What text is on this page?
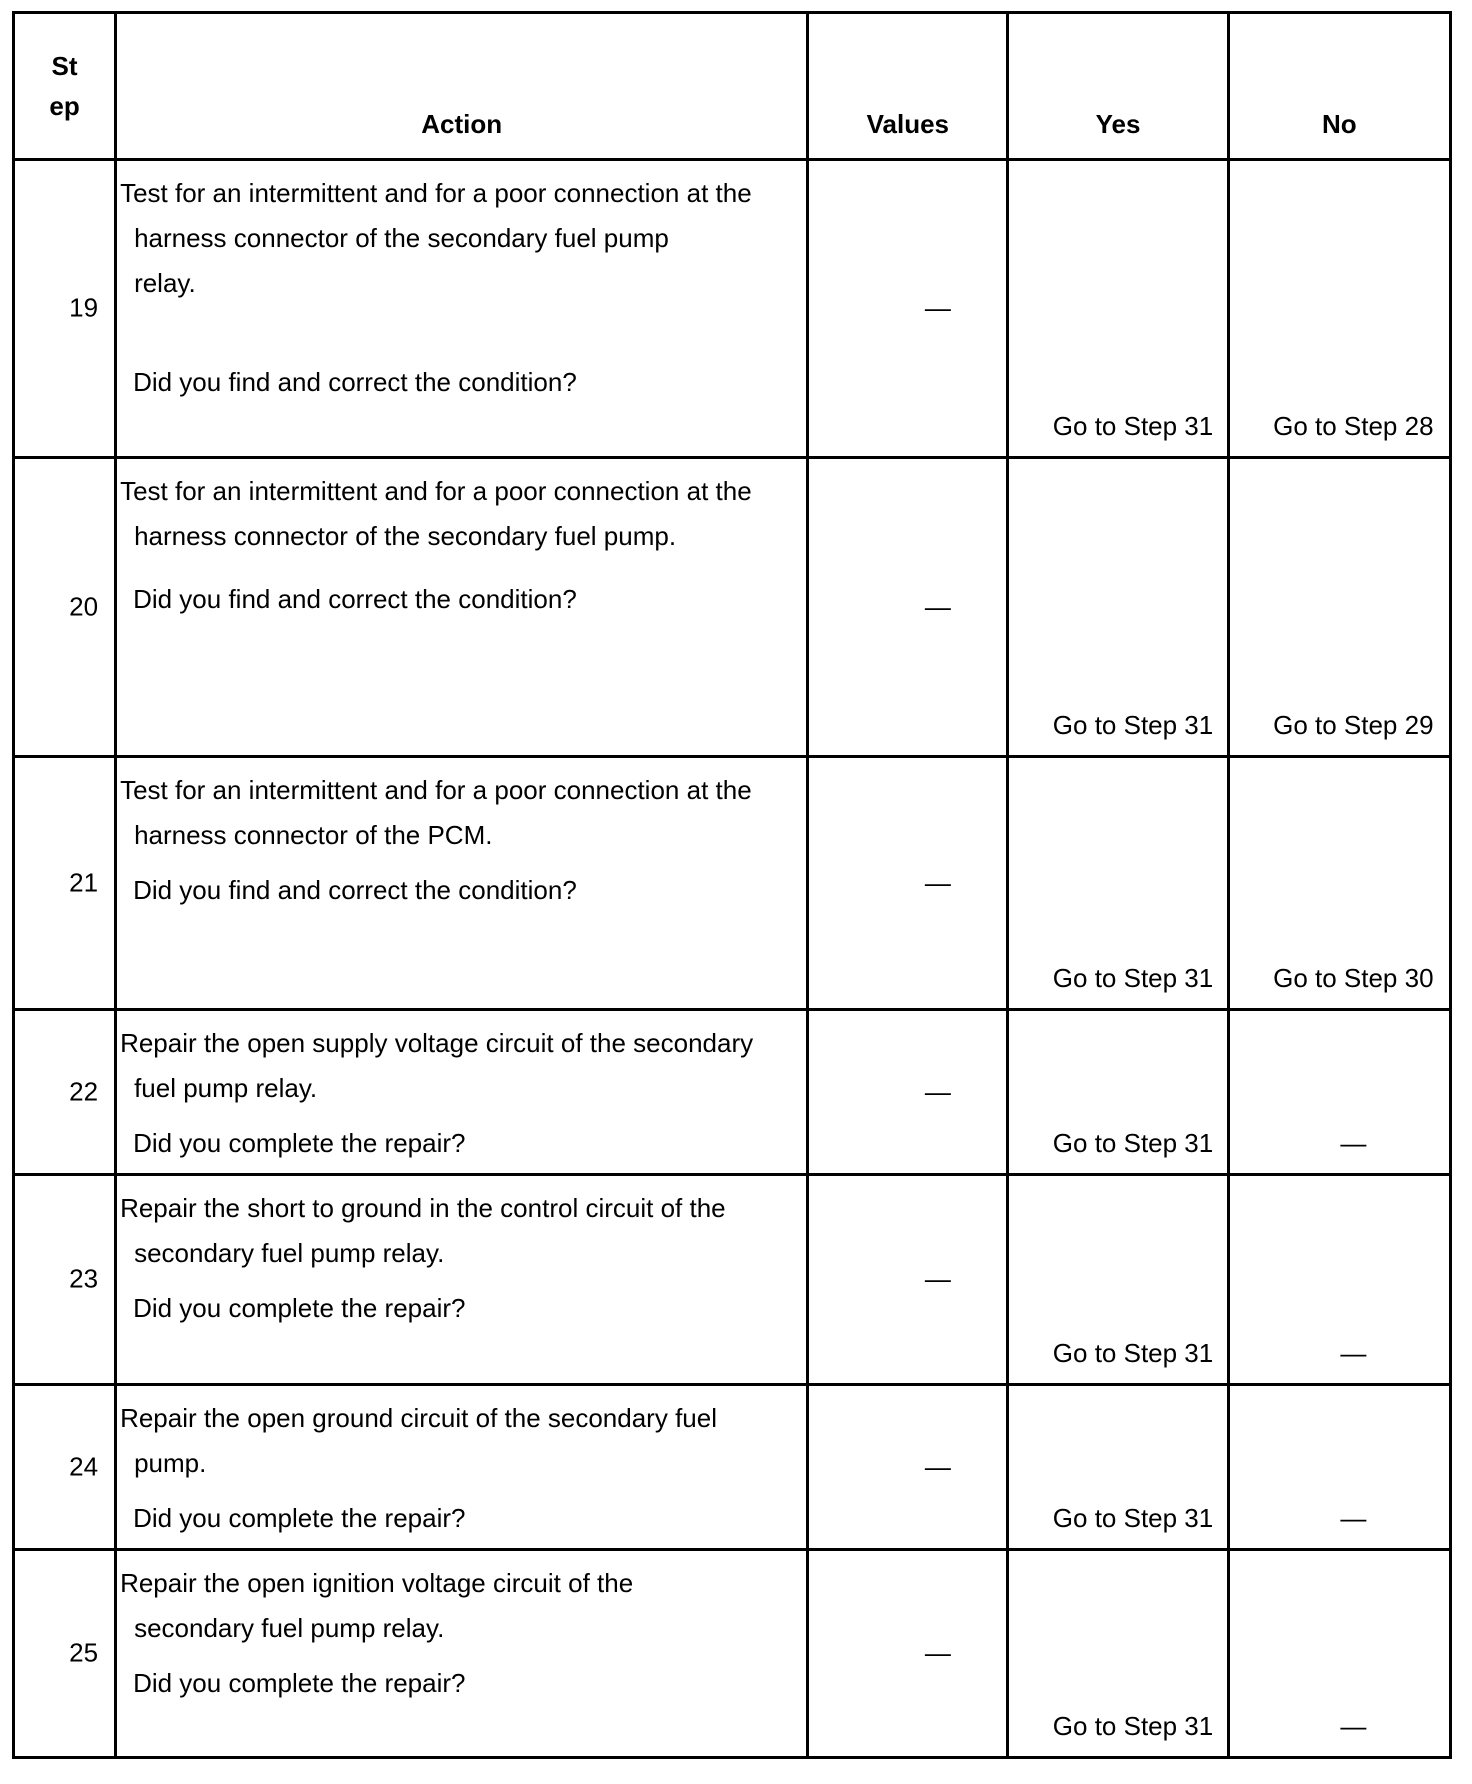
St
ep	Action	Values	Yes	No

19	Test for an intermittent and for a poor connection at the
harness connector of the secondary fuel pump
relay.
Did you find and correct the condition?	—	Go to Step 31	Go to Step 28

20	Test for an intermittent and for a poor connection at the
harness connector of the secondary fuel pump.
Did you find and correct the condition?	—	Go to Step 31	Go to Step 29

21	Test for an intermittent and for a poor connection at the
harness connector of the PCM.
Did you find and correct the condition?	—	Go to Step 31	Go to Step 30

22	Repair the open supply voltage circuit of the secondary
fuel pump relay.
Did you complete the repair?	—	Go to Step 31	—

23	Repair the short to ground in the control circuit of the
secondary fuel pump relay.
Did you complete the repair?	—	Go to Step 31	—

24	Repair the open ground circuit of the secondary fuel
pump.
Did you complete the repair?	—	Go to Step 31	—

25	Repair the open ignition voltage circuit of the
secondary fuel pump relay.
Did you complete the repair?	—	Go to Step 31	—
